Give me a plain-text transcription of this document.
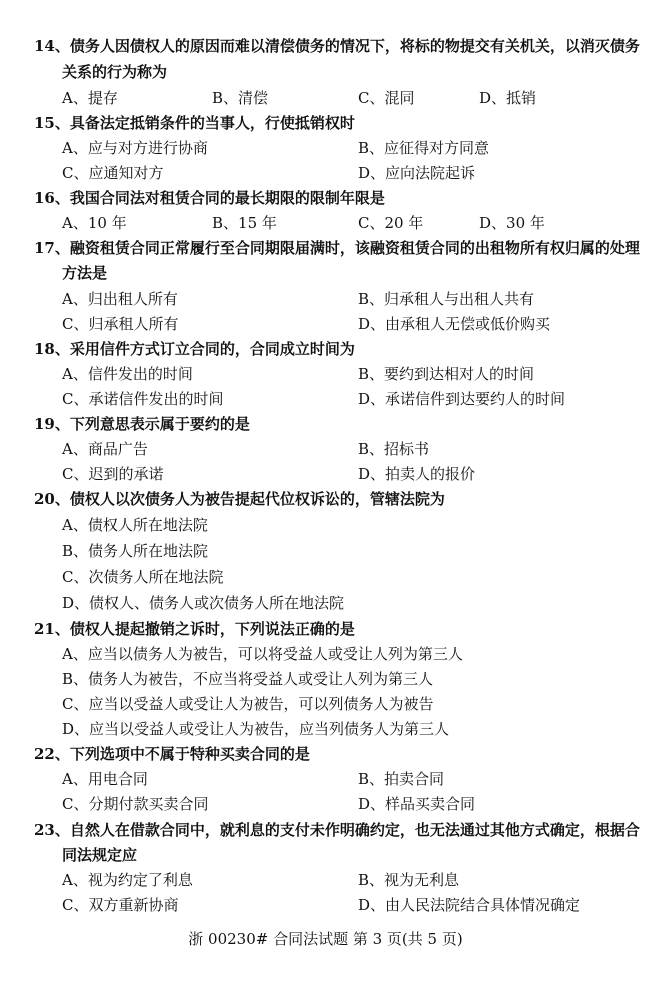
14、债务人因债权人的原因而难以清偿债务的情况下，将标的物提交有关机关，以消灭债务
关系的行为称为
A、提存	B、清偿	C、混同	D、抵销
15、具备法定抵销条件的当事人，行使抵销权时
A、应与对方进行协商	B、应征得对方同意
C、应通知对方	D、应向法院起诉
16、我国合同法对租赁合同的最长期限的限制年限是
A、10 年	B、15 年	C、20 年	D、30 年
17、融资租赁合同正常履行至合同期限届满时，该融资租赁合同的出租物所有权归属的处理
方法是
A、归出租人所有	B、归承租人与出租人共有
C、归承租人所有	D、由承租人无偿或低价购买
18、采用信件方式订立合同的，合同成立时间为
A、信件发出的时间	B、要约到达相对人的时间
C、承诺信件发出的时间	D、承诺信件到达要约人的时间
19、下列意思表示属于要约的是
A、商品广告	B、招标书
C、迟到的承诺	D、拍卖人的报价
20、债权人以次债务人为被告提起代位权诉讼的，管辖法院为
A、债权人所在地法院
B、债务人所在地法院
C、次债务人所在地法院
D、债权人、债务人或次债务人所在地法院
21、债权人提起撤销之诉时，下列说法正确的是
A、应当以债务人为被告，可以将受益人或受让人列为第三人
B、债务人为被告，不应当将受益人或受让人列为第三人
C、应当以受益人或受让人为被告，可以列债务人为被告
D、应当以受益人或受让人为被告，应当列债务人为第三人
22、下列选项中不属于特种买卖合同的是
A、用电合同	B、拍卖合同
C、分期付款买卖合同	D、样品买卖合同
23、自然人在借款合同中，就利息的支付未作明确约定，也无法通过其他方式确定，根据合
同法规定应
A、视为约定了利息	B、视为无利息
C、双方重新协商	D、由人民法院结合具体情况确定
浙 00230# 合同法试题 第 3 页(共 5 页)
